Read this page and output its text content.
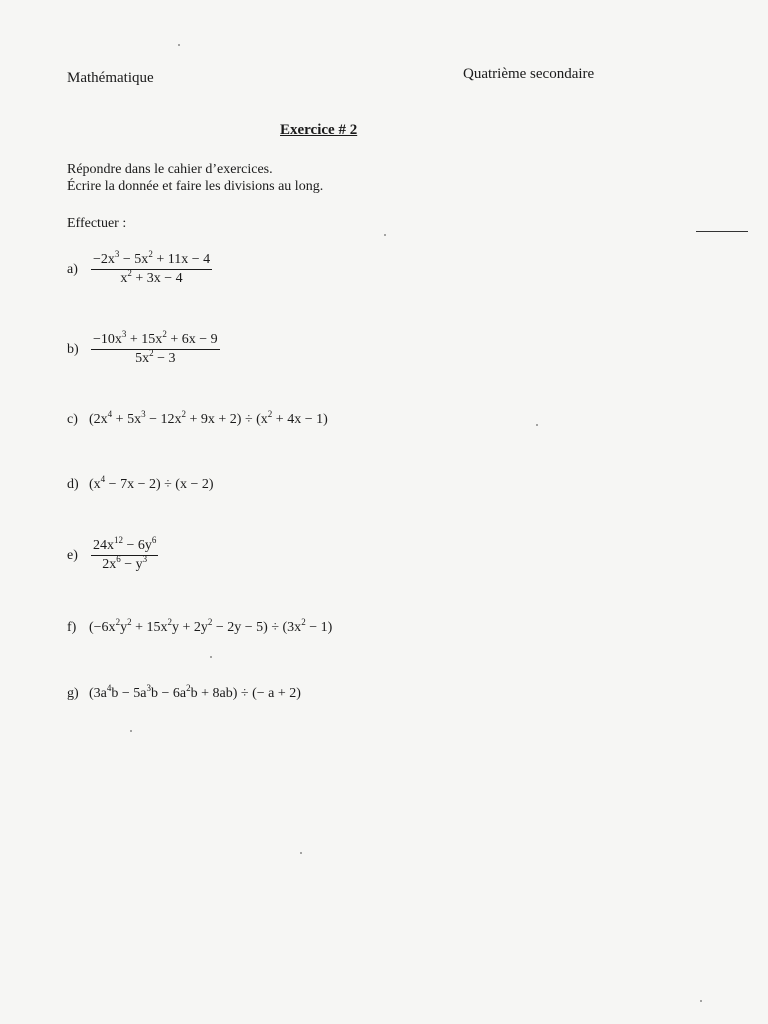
Mathématique	Quatrième secondaire
Exercice # 2
Répondre dans le cahier d’exercices.
Écrire la donnée et faire les divisions au long.
Effectuer :
$a) \frac{-2x^3 - 5x^2 + 11x - 4}{x^2 + 3x - 4}$
$b) \frac{-10x^3 + 15x^2 + 6x - 9}{5x^2 - 3}$
c) $(2x^4 + 5x^3 - 12x^2 + 9x + 2) \div (x^2 + 4x - 1)$
d) $(x^4 - 7x - 2) \div (x - 2)$
$e) \frac{24x^{12} - 6y^6}{2x^6 - y^3}$
f) $(-6x^2y^2 + 15x^2y + 2y^2 - 2y - 5) \div (3x^2 - 1)$
g) $(3a^4b - 5a^3b - 6a^2b + 8ab)$ ÷ (− a + 2)
